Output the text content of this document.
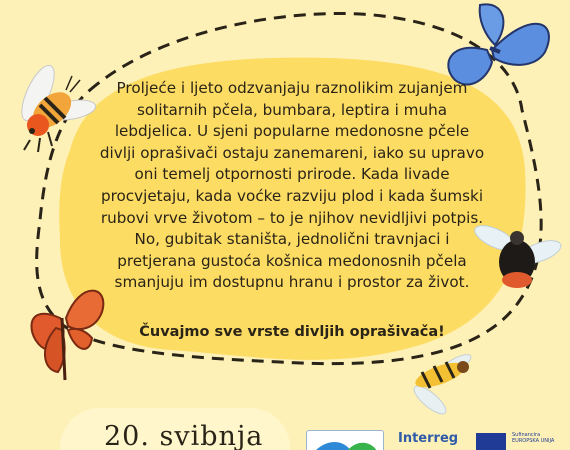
Proljeće i ljeto odzvanjaju raznolikim zujanjem solitarnih pčela, bumbara, leptira i muha lebdjelica. U sjeni popularne medonosne pčele divlji oprašivači ostaju zanemareni, iako su upravo oni temelj otpornosti prirode. Kada livade procvjetaju, kada voćke razviju plod i kada šumski rubovi vrve životom – to je njihov nevidljivi potpis. No, gubitak staništa, jednolični travnjaci i pretjerana gustoća košnica medonosnih pčela smanjuju im dostupnu hranu i prostor za život.

Čuvajmo sve vrste divljih oprašivača!
20. svibnja	Interreg	Sufinancira
EUROPSKA UNIJA
